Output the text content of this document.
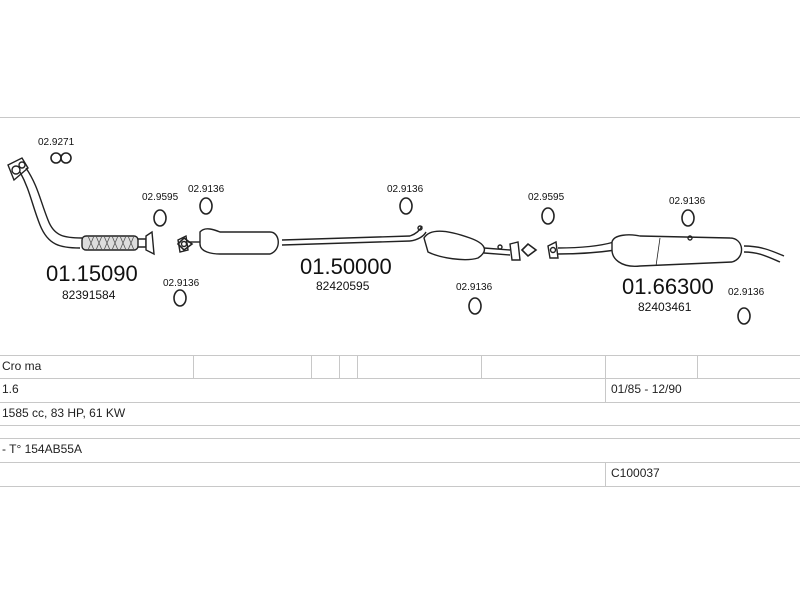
02.9271
02.9595
02.9136
02.9136
02.9136
02.9136
02.9595	02.9136
02.9136
01.15090
82391584
01.50000
82420595	01.66300
82403461
Cro ma
1.6	01/85 - 12/90
1585 cc, 83 HP, 61 KW
- T° 154AB55A
C100037
